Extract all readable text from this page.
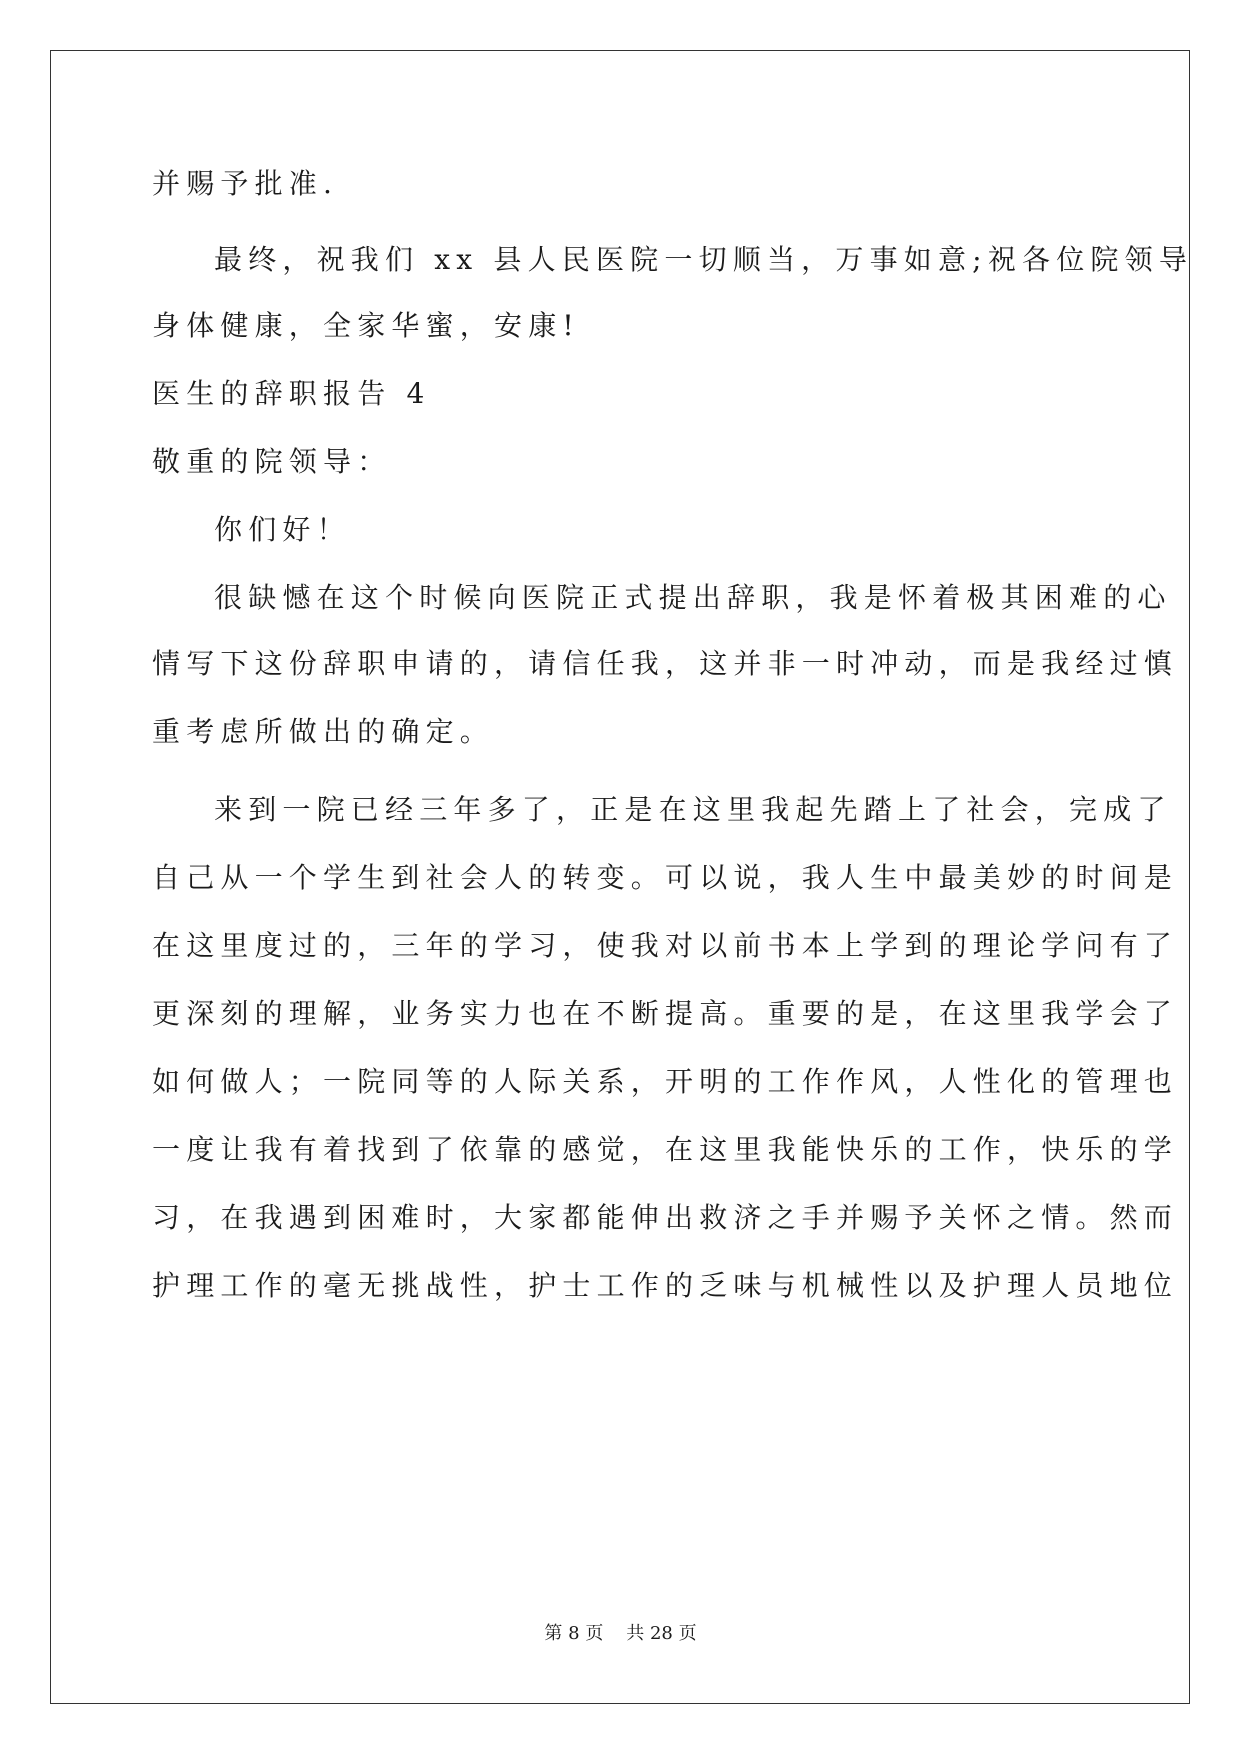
并赐予批准.
最终，祝我们 xx 县人民医院一切顺当，万事如意;祝各位院领导
身体健康，全家华蜜，安康!
医生的辞职报告 4
敬重的院领导：
你们好！
很缺憾在这个时候向医院正式提出辞职，我是怀着极其困难的心
情写下这份辞职申请的，请信任我，这并非一时冲动，而是我经过慎
重考虑所做出的确定。
来到一院已经三年多了，正是在这里我起先踏上了社会，完成了
自己从一个学生到社会人的转变。可以说，我人生中最美妙的时间是
在这里度过的，三年的学习，使我对以前书本上学到的理论学问有了
更深刻的理解，业务实力也在不断提高。重要的是，在这里我学会了
如何做人；一院同等的人际关系，开明的工作作风，人性化的管理也
一度让我有着找到了依靠的感觉，在这里我能快乐的工作，快乐的学
习，在我遇到困难时，大家都能伸出救济之手并赐予关怀之情。然而
护理工作的毫无挑战性，护士工作的乏味与机械性以及护理人员地位
第 8 页 共 28 页
